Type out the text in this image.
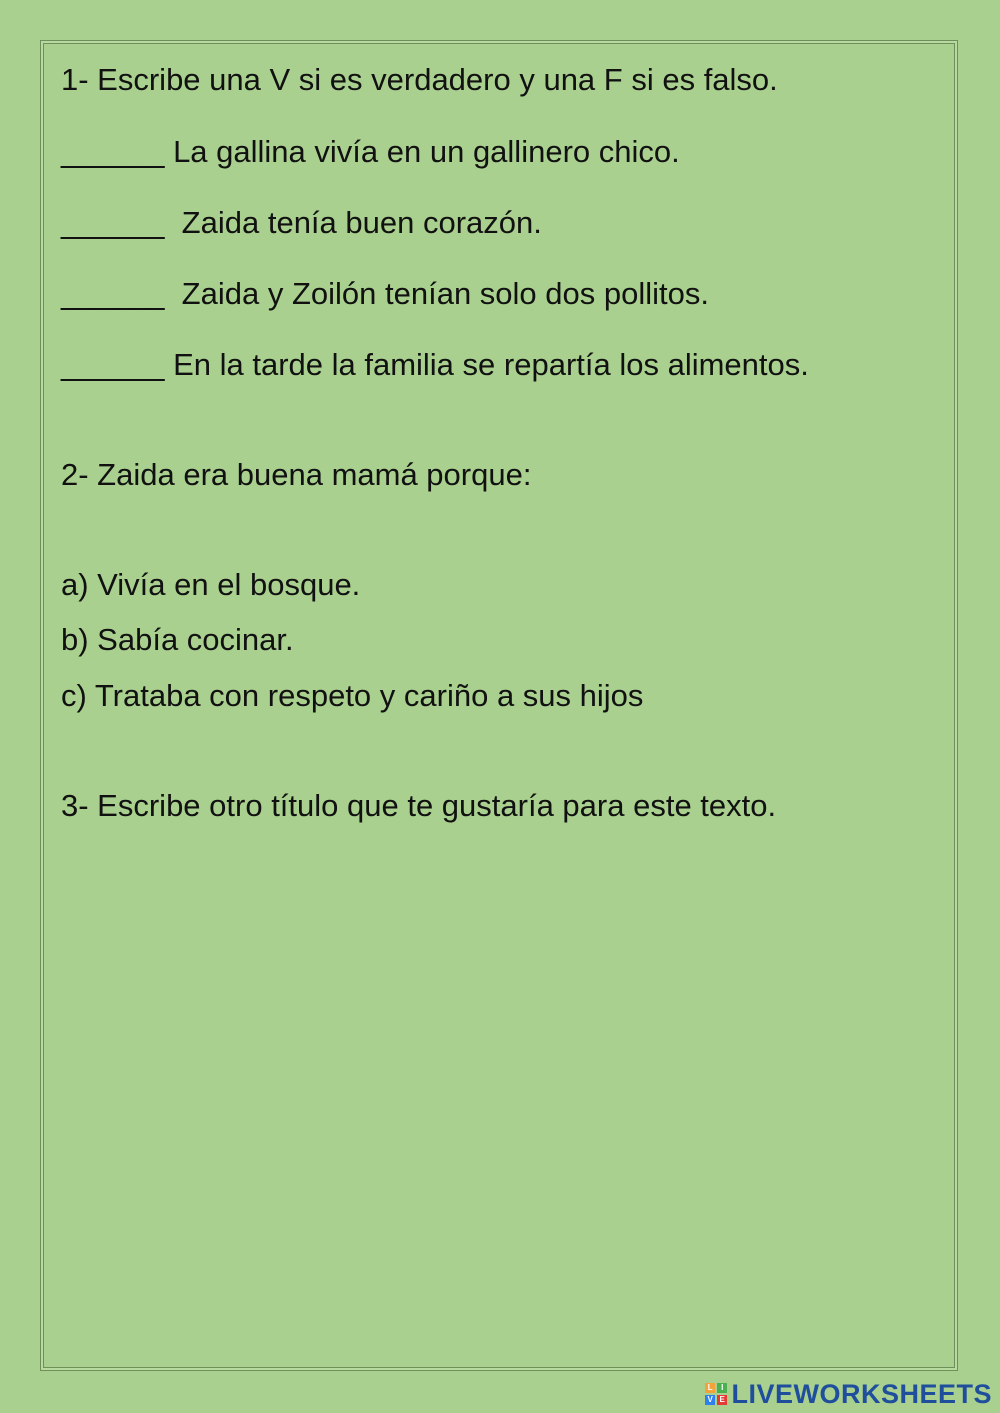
1- Escribe una V si es verdadero y una F si es falso.
______ La gallina vivía en un gallinero chico.
______  Zaida tenía buen corazón.
______  Zaida y Zoilón tenían solo dos pollitos.
______ En la tarde la familia se repartía los alimentos.
2- Zaida era buena mamá porque:
a) Vivía en el bosque.
b) Sabía cocinar.
c) Trataba con respeto y cariño a sus hijos
3- Escribe otro título que te gustaría para este texto.
L I
V E LIVEWORKSHEETS
